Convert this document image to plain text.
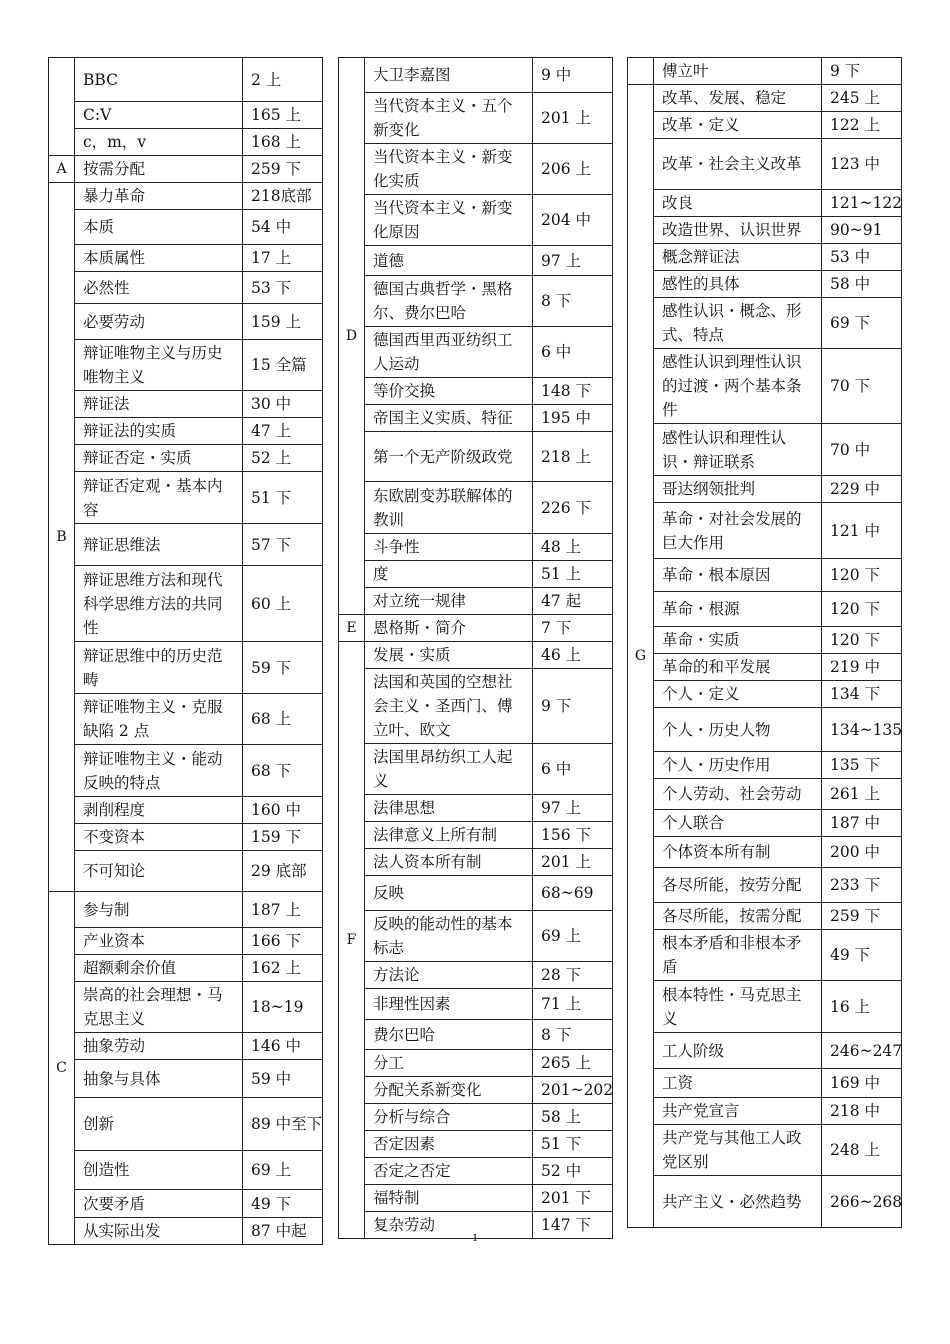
	BBC	2 上
	C:V	165 上
	c，m，v	168 上
A	按需分配	259 下
B	暴力革命	218底部
	本质	54 中
	本质属性	17 上
	必然性	53 下
	必要劳动	159 上
	辩证唯物主义与历史唯物主义	15 全篇
	辩证法	30 中
	辩证法的实质	47 上
	辩证否定・实质	52 上
	辩证否定观・基本内容	51 下
	辩证思维法	57 下
	辩证思维方法和现代科学思维方法的共同性	60 上
	辩证思维中的历史范畴	59 下
	辩证唯物主义・克服缺陷 2 点	68 上
	辩证唯物主义・能动反映的特点	68 下
	剥削程度	160 中
	不变资本	159 下
	不可知论	29 底部
C	参与制	187 上
	产业资本	166 下
	超额剩余价值	162 上
	崇高的社会理想・马克思主义	18~19
	抽象劳动	146 中
	抽象与具体	59 中
	创新	89 中至下
	创造性	69 上
	次要矛盾	49 下
	从实际出发	87 中起
D	大卫李嘉图	9 中
	当代资本主义・五个新变化	201 上
	当代资本主义・新变化实质	206 上
	当代资本主义・新变化原因	204 中
	道德	97 上
	德国古典哲学・黑格尔、费尔巴哈	8 下
	德国西里西亚纺织工人运动	6 中
	等价交换	148 下
	帝国主义实质、特征	195 中
	第一个无产阶级政党	218 上
	东欧剧变苏联解体的教训	226 下
	斗争性	48 上
	度	51 上
	对立统一规律	47 起
E	恩格斯・简介	7 下
F	发展・实质	46 上
	法国和英国的空想社会主义・圣西门、傅立叶、欧文	9 下
	法国里昂纺织工人起义	6 中
	法律思想	97 上
	法律意义上所有制	156 下
	法人资本所有制	201 上
	反映	68~69
	反映的能动性的基本标志	69 上
	方法论	28 下
	非理性因素	71 上
	费尔巴哈	8 下
	分工	265 上
	分配关系新变化	201~202
	分析与综合	58 上
	否定因素	51 下
	否定之否定	52 中
	福特制	201 下
	复杂劳动	147 下
	傅立叶	9 下
G	改革、发展、稳定	245 上
	改革・定义	122 上
	改革・社会主义改革	123 中
	改良	121~122
	改造世界、认识世界	90~91
	概念辩证法	53 中
	感性的具体	58 中
	感性认识・概念、形式、特点	69 下
	感性认识到理性认识的过渡・两个基本条件	70 下
	感性认识和理性认识・辩证联系	70 中
	哥达纲领批判	229 中
	革命・对社会发展的巨大作用	121 中
	革命・根本原因	120 下
	革命・根源	120 下
	革命・实质	120 下
	革命的和平发展	219 中
	个人・定义	134 下
	个人・历史人物	134~135
	个人・历史作用	135 下
	个人劳动、社会劳动	261 上
	个人联合	187 中
	个体资本所有制	200 中
	各尽所能，按劳分配	233 下
	各尽所能，按需分配	259 下
	根本矛盾和非根本矛盾	49 下
	根本特性・马克思主义	16 上
	工人阶级	246~247
	工资	169 中
	共产党宣言	218 中
	共产党与其他工人政党区别	248 上
	共产主义・必然趋势	266~268
1
